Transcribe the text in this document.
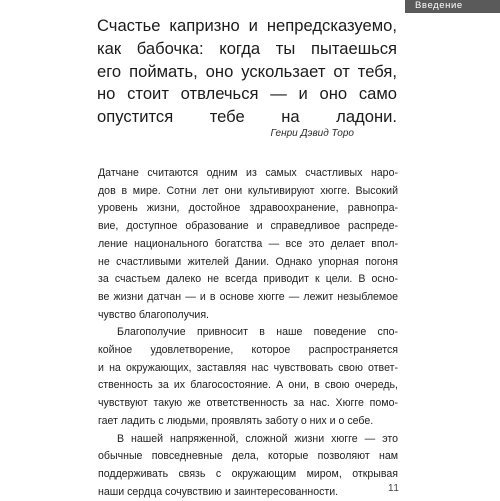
Введение
Счастье капризно и непредсказуемо,
как бабочка: когда ты пытаешься
его поймать, оно ускользает от тебя,
но стоит отвлечься — и оно само
опустится тебе на ладони.
Генри Дэвид Торо

Датчане считаются одним из самых счастливых наро-
дов в мире. Сотни лет они культивируют хюгге. Высокий
уровень жизни, достойное здравоохранение, равнопра-
вие, доступное образование и справедливое распреде-
ление национального богатства — все это делает впол-
не счастливыми жителей Дании. Однако упорная погоня
за счастьем далеко не всегда приводит к цели. В осно-
ве жизни датчан — и в основе хюгге — лежит незыблемое
чувство благополучия.

Благополучие привносит в наше поведение спо-
койное удовлетворение, которое распространяется
и на окружающих, заставляя нас чувствовать свою ответ-
ственность за их благосостояние. А они, в свою очередь,
чувствуют такую же ответственность за нас. Хюгге помо-
гает ладить с людьми, проявлять заботу о них и о себе.

В нашей напряженной, сложной жизни хюгге — это
обычные повседневные дела, которые позволяют нам
поддерживать связь с окружающим миром, открывая
наши сердца сочувствию и заинтересованности.	11
